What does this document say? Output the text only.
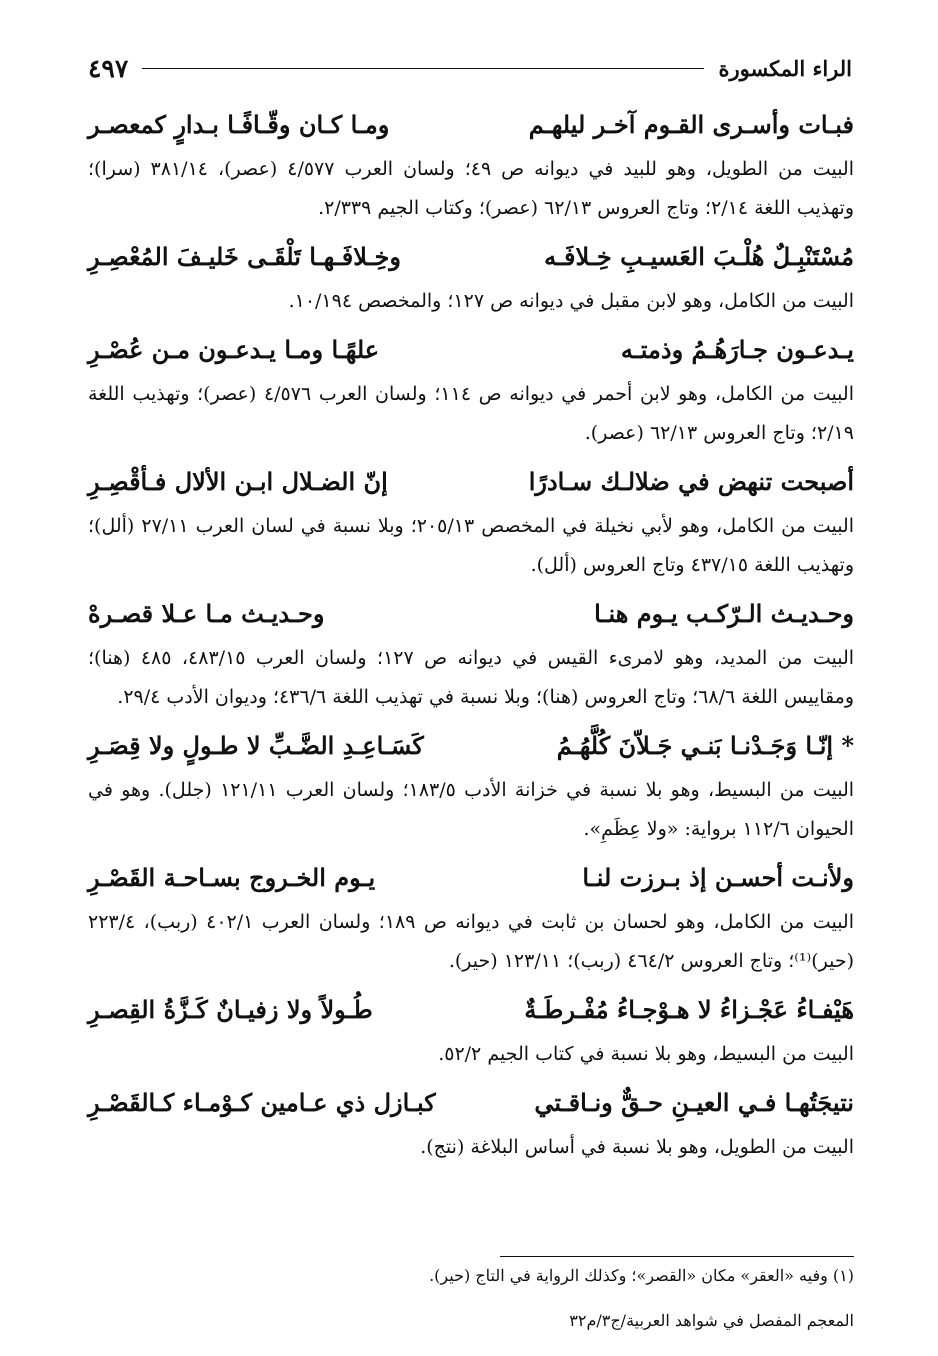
الراء المكسورة
٤٩٧
فبـات وأسـرى القـوم آخـر ليلهـم
ومـا كـان وقّـافًـا بـدارٍ كمعصـر

البيت من الطويل، وهو للبيد في ديوانه ص ٤٩؛ ولسان العرب ٤/٥٧٧ (عصر)، ٣٨١/١٤ (سرا)؛ وتهذيب اللغة ٢/١٤؛ وتاج العروس ٦٢/١٣ (عصر)؛ وكتاب الجيم ٢/٣٣٩.

مُسْتَنْبِـلٌ هُلْـبَ العَسيـبِ خِـلافَـه
وخِـلافَـهـا تَلْقَـى خَليـفَ المُعْصِـرِ

البيت من الكامل، وهو لابن مقبل في ديوانه ص ١٢٧؛ والمخصص ١٠/١٩٤.

يـدعـون جـارَهُـمُ وذمتـه
علهًـا ومـا يـدعـون مـن عُصْـرِ

البيت من الكامل، وهو لابن أحمر في ديوانه ص ١١٤؛ ولسان العرب ٤/٥٧٦ (عصر)؛ وتهذيب اللغة ٢/١٩؛ وتاج العروس ٦٢/١٣ (عصر).

أصبحت تنهض في ضلالـك سـادرًا
إنّ الضـلال ابـن الألال فـأقْصِـرِ

البيت من الكامل، وهو لأبي نخيلة في المخصص ٢٠٥/١٣؛ وبلا نسبة في لسان العرب ٢٧/١١ (ألل)؛ وتهذيب اللغة ٤٣٧/١٥ وتاج العروس (ألل).

وحـديـث الـرّكـب يـوم هنـا
وحـديـث مـا عـلا قصـرهْ

البيت من المديد، وهو لامرىء القيس في ديوانه ص ١٢٧؛ ولسان العرب ٤٨٣/١٥، ٤٨٥ (هنا)؛ ومقاييس اللغة ٦٨/٦؛ وتاج العروس (هنا)؛ وبلا نسبة في تهذيب اللغة ٤٣٦/٦؛ وديوان الأدب ٢٩/٤.

* إنّـا وَجَـدْنـا بَنـي جَـلاّنَ كُلَّهُـمُ
كَسَـاعِـدِ الضَّـبِّ لا طـولٍ ولا قِصَـرِ

البيت من البسيط، وهو بلا نسبة في خزانة الأدب ١٨٣/٥؛ ولسان العرب ١٢١/١١ (جلل). وهو في الحيوان ١١٢/٦ برواية: «ولا عِظَمِ».

ولأنـت أحسـن إذ بـرزت لنـا
يـوم الخـروج بسـاحـة القَصْـرِ

البيت من الكامل، وهو لحسان بن ثابت في ديوانه ص ١٨٩؛ ولسان العرب ٤٠٢/١ (ربب)، ٢٢٣/٤ (حير)⁽¹⁾؛ وتاج العروس ٤٦٤/٢ (ربب)؛ ١٢٣/١١ (حير).

هَيْفـاءُ عَجْـزاءُ لا هـوْجـاءُ مُفْـرطَـةٌ
طُـولاً ولا زفيـانٌ كَـزَّةُ القِصـرِ

البيت من البسيط، وهو بلا نسبة في كتاب الجيم ٥٢/٢.

نتيجَتُهـا فـي العيـنِ حـقٌّ ونـاقـتي
كبـازل ذي عـامين كـوْمـاء كـالقَصْـرِ

البيت من الطويل، وهو بلا نسبة في أساس البلاغة (نتج).

(١) وفيه «العقر» مكان «القصر»؛ وكذلك الرواية في التاج (حير).
المعجم المفصل في شواهد العربية/ج٣/م٣٢
